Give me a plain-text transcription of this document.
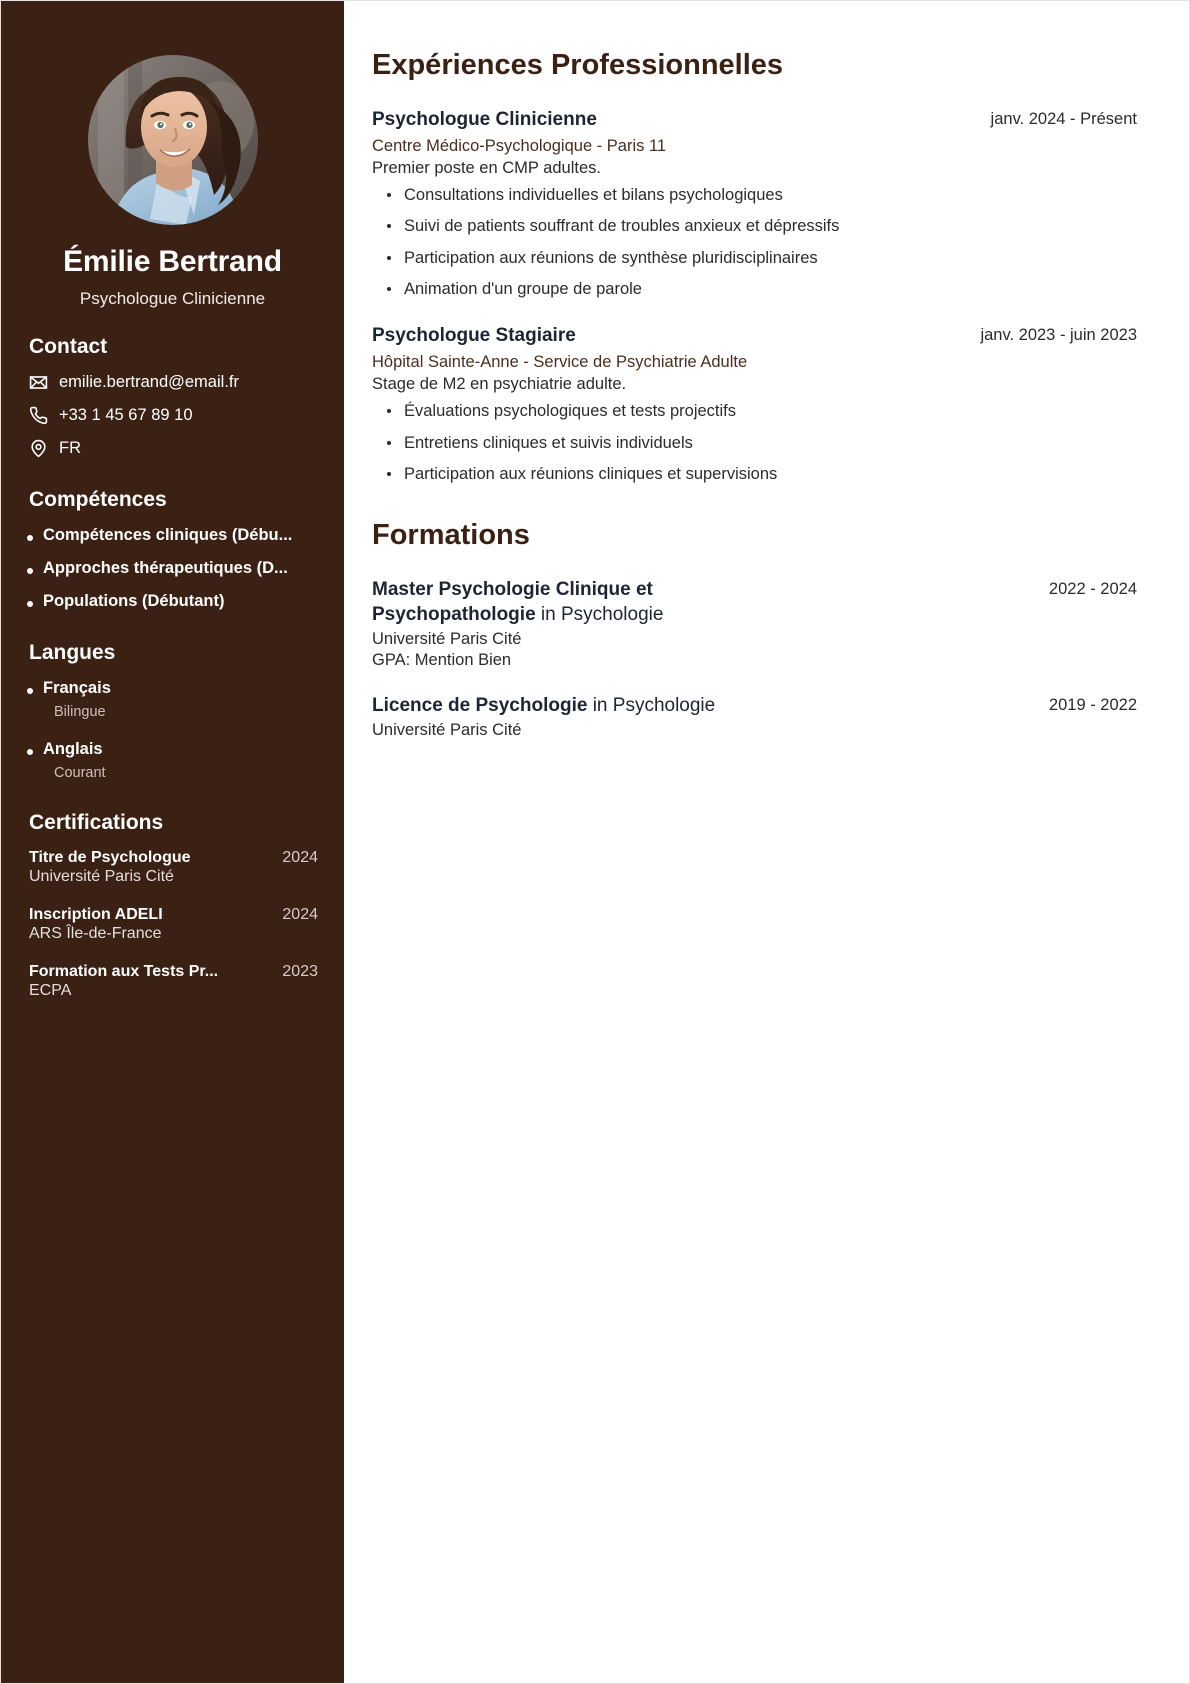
Émilie Bertrand
Psychologue Clinicienne
Contact
emilie.bertrand@email.fr
+33 1 45 67 89 10
FR
Compétences
Compétences cliniques (Débu...
Approches thérapeutiques (D...
Populations (Débutant)
Langues
Français
Bilingue
Anglais
Courant
Certifications
Titre de Psychologue	2024
Université Paris Cité
Inscription ADELI	2024
ARS Île-de-France
Formation aux Tests Pr...	2023
ECPA
Expériences Professionnelles
Psychologue Clinicienne	janv. 2024 - Présent
Centre Médico-Psychologique - Paris 11
Premier poste en CMP adultes.
Consultations individuelles et bilans psychologiques
Suivi de patients souffrant de troubles anxieux et dépressifs
Participation aux réunions de synthèse pluridisciplinaires
Animation d'un groupe de parole
Psychologue Stagiaire	janv. 2023 - juin 2023
Hôpital Sainte-Anne - Service de Psychiatrie Adulte
Stage de M2 en psychiatrie adulte.
Évaluations psychologiques et tests projectifs
Entretiens cliniques et suivis individuels
Participation aux réunions cliniques et supervisions
Formations
Master Psychologie Clinique et Psychopathologie in Psychologie
2022 - 2024
Université Paris Cité
GPA: Mention Bien
Licence de Psychologie in Psychologie	2019 - 2022
Université Paris Cité
